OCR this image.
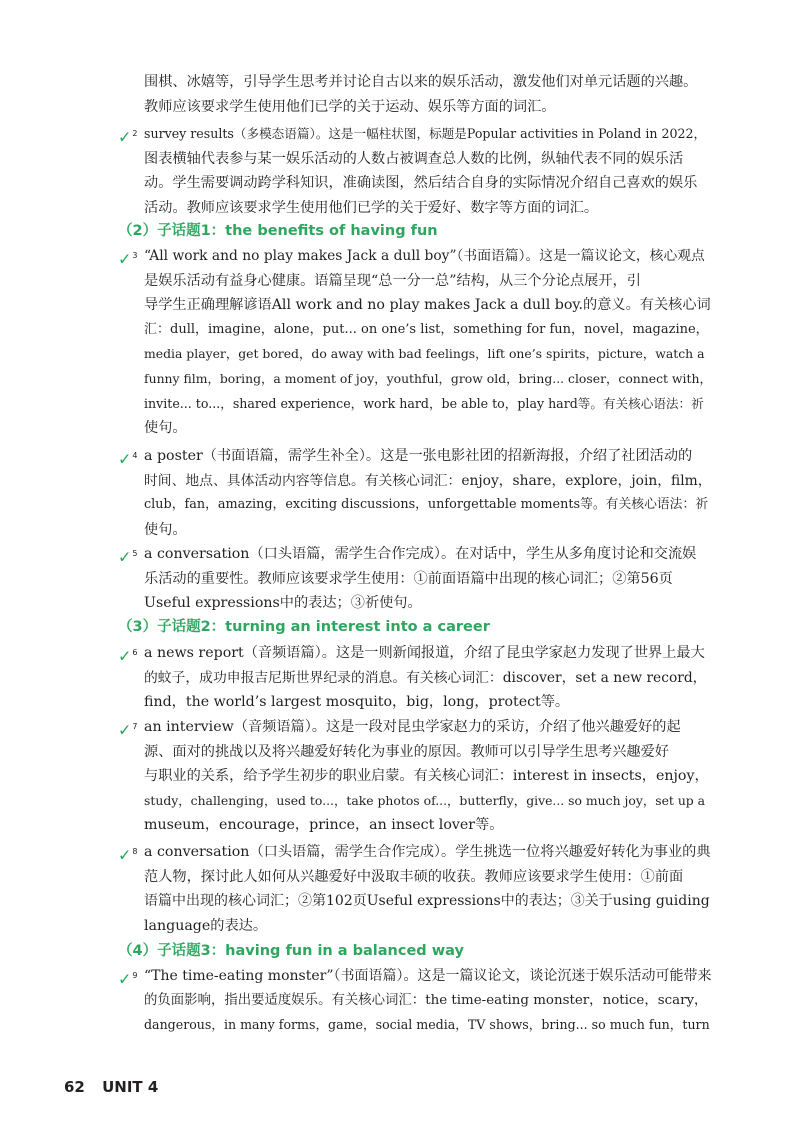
围棋、冰嬉等，引导学生思考并讨论自古以来的娱乐活动，激发他们对单元话题的兴趣。
教师应该要求学生使用他们已学的关于运动、娱乐等方面的词汇。
✓$^2$ survey results（多模态语篇）。这是一幅柱状图，标题是Popular activities in Poland in 2022，
图表横轴代表参与某一娱乐活动的人数占被调查总人数的比例，纵轴代表不同的娱乐活
动。学生需要调动跨学科知识，准确读图，然后结合自身的实际情况介绍自己喜欢的娱乐
活动。教师应该要求学生使用他们已学的关于爱好、数字等方面的词汇。
（2）子话题1：the benefits of having fun
✓$^3$ “All work and no play makes Jack a dull boy”（书面语篇）。这是一篇议论文，核心观点
是娱乐活动有益身心健康。语篇呈现“总一分一总”结构，从三个分论点展开，引
导学生正确理解谚语All work and no play makes Jack a dull boy.的意义。有关核心词
汇：dull，imagine，alone，put... on one’s list，something for fun，novel，magazine，
media player，get bored，do away with bad feelings，lift one’s spirits，picture，watch a
funny film，boring，a moment of joy，youthful，grow old，bring... closer，connect with，
invite... to...，shared experience，work hard，be able to，play hard等。有关核心语法：祈
使句。
✓$^4$ a poster（书面语篇，需学生补全）。这是一张电影社团的招新海报，介绍了社团活动的
时间、地点、具体活动内容等信息。有关核心词汇：enjoy，share，explore，join，film，
club，fan，amazing，exciting discussions，unforgettable moments等。有关核心语法：祈
使句。
✓$^5$ a conversation（口头语篇，需学生合作完成）。在对话中，学生从多角度讨论和交流娱
乐活动的重要性。教师应该要求学生使用：①前面语篇中出现的核心词汇；②第56页
Useful expressions中的表达；③祈使句。
（3）子话题2：turning an interest into a career
✓$^6$ a news report（音频语篇）。这是一则新闻报道，介绍了昆虫学家赵力发现了世界上最大
的蚊子，成功申报吉尼斯世界纪录的消息。有关核心词汇：discover，set a new record，
find，the world’s largest mosquito，big，long，protect等。
✓$^7$ an interview（音频语篇）。这是一段对昆虫学家赵力的采访，介绍了他兴趣爱好的起
源、面对的挑战以及将兴趣爱好转化为事业的原因。教师可以引导学生思考兴趣爱好
与职业的关系，给予学生初步的职业启蒙。有关核心词汇：interest in insects，enjoy，
study，challenging，used to...，take photos of...，butterfly，give... so much joy，set up a
museum，encourage，prince，an insect lover等。
✓$^8$ a conversation（口头语篇，需学生合作完成）。学生挑选一位将兴趣爱好转化为事业的典
范人物，探讨此人如何从兴趣爱好中汲取丰硕的收获。教师应该要求学生使用：①前面
语篇中出现的核心词汇；②第102页Useful expressions中的表达；③关于using guiding
language的表达。
（4）子话题3：having fun in a balanced way
✓$^9$ “The time-eating monster”（书面语篇）。这是一篇议论文，谈论沉迷于娱乐活动可能带来
的负面影响，指出要适度娱乐。有关核心词汇：the time-eating monster，notice，scary，
dangerous，in many forms，game，social media，TV shows，bring... so much fun，turn
62 UNIT 4
